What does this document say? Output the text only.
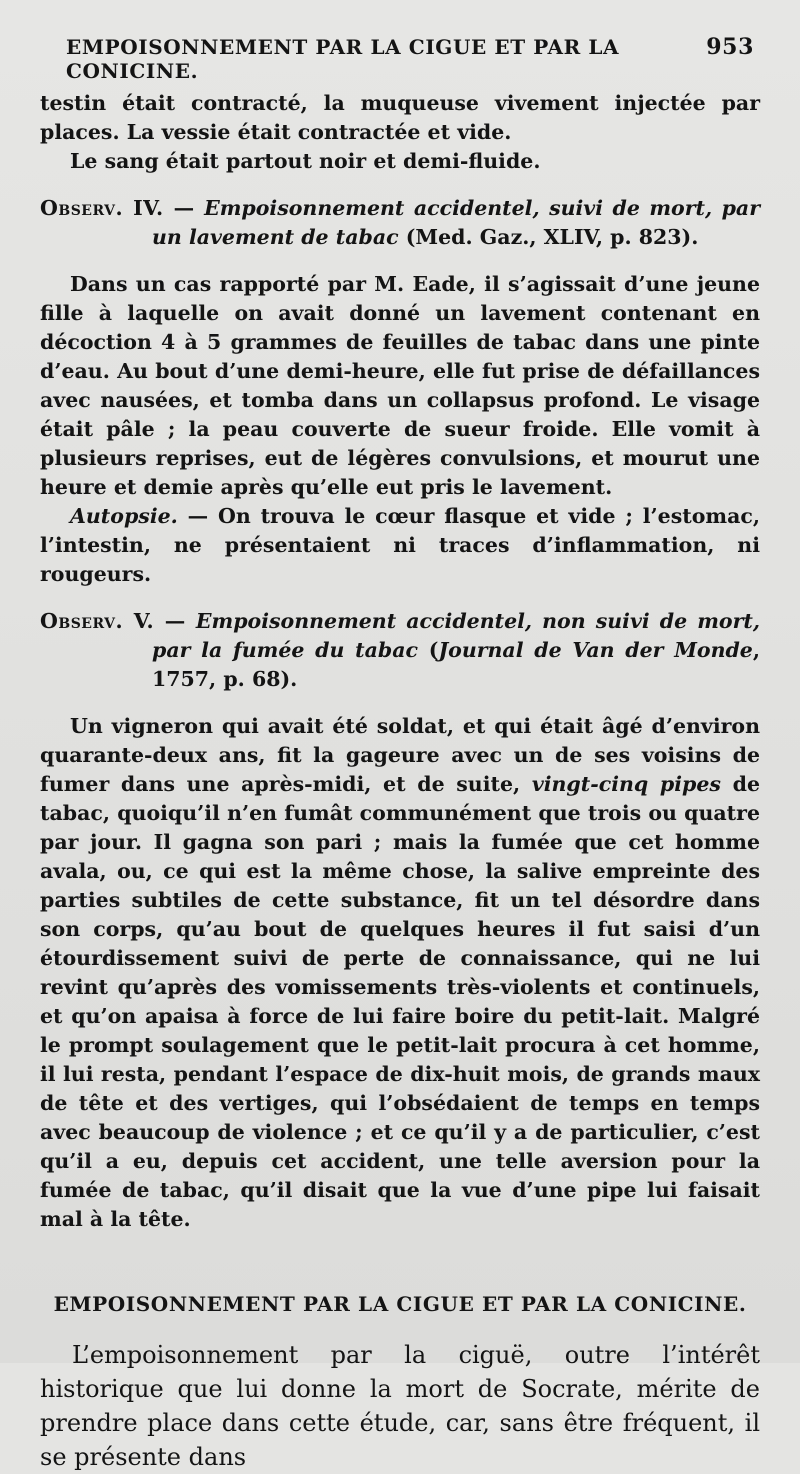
EMPOISONNEMENT PAR LA CIGUE ET PAR LA CONICINE.
953

testin était contracté, la muqueuse vivement injectée par places. La vessie était contractée et vide.

Le sang était partout noir et demi-fluide.

Observ. IV. — Empoisonnement accidentel, suivi de mort, par un lavement de tabac (Med. Gaz., XLIV, p. 823).

Dans un cas rapporté par M. Eade, il s’agissait d’une jeune fille à laquelle on avait donné un lavement contenant en décoction 4 à 5 grammes de feuilles de tabac dans une pinte d’eau. Au bout d’une demi-heure, elle fut prise de défaillances avec nausées, et tomba dans un collapsus profond. Le visage était pâle ; la peau couverte de sueur froide. Elle vomit à plusieurs reprises, eut de légères convulsions, et mourut une heure et demie après qu’elle eut pris le lavement.

Autopsie. — On trouva le cœur flasque et vide ; l’estomac, l’intestin, ne présentaient ni traces d’inflammation, ni rougeurs.

Observ. V. — Empoisonnement accidentel, non suivi de mort, par la fumée du tabac (Journal de Van der Monde, 1757, p. 68).

Un vigneron qui avait été soldat, et qui était âgé d’environ quarante-deux ans, fit la gageure avec un de ses voisins de fumer dans une après-midi, et de suite, vingt-cinq pipes de tabac, quoiqu’il n’en fumât communément que trois ou quatre par jour. Il gagna son pari ; mais la fumée que cet homme avala, ou, ce qui est la même chose, la salive empreinte des parties subtiles de cette substance, fit un tel désordre dans son corps, qu’au bout de quelques heures il fut saisi d’un étourdissement suivi de perte de connaissance, qui ne lui revint qu’après des vomissements très-violents et continuels, et qu’on apaisa à force de lui faire boire du petit-lait. Malgré le prompt soulagement que le petit-lait procura à cet homme, il lui resta, pendant l’espace de dix-huit mois, de grands maux de tête et des vertiges, qui l’obsédaient de temps en temps avec beaucoup de violence ; et ce qu’il y a de particulier, c’est qu’il a eu, depuis cet accident, une telle aversion pour la fumée de tabac, qu’il disait que la vue d’une pipe lui faisait mal à la tête.

EMPOISONNEMENT PAR LA CIGUE ET PAR LA CONICINE.

L’empoisonnement par la ciguë, outre l’intérêt historique que lui donne la mort de Socrate, mérite de prendre place dans cette étude, car, sans être fréquent, il se présente dans
